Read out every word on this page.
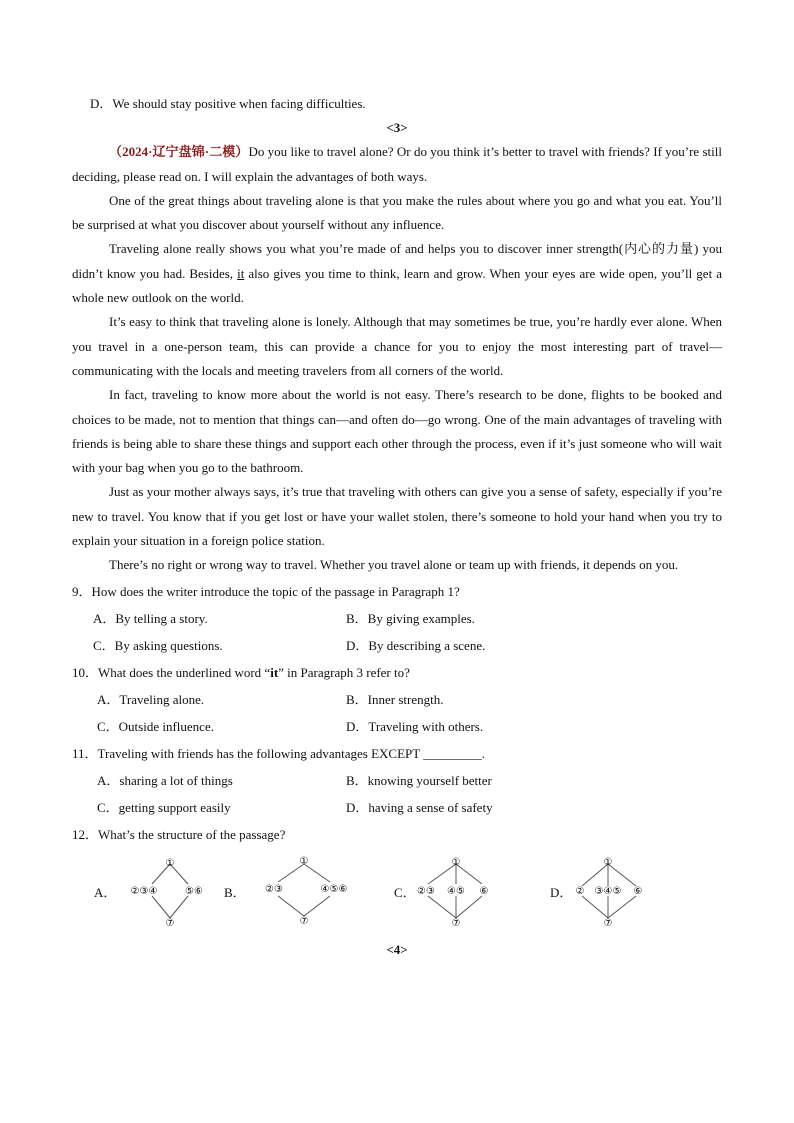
D．We should stay positive when facing difficulties.

<3>

（2024·辽宁盘锦·二模）Do you like to travel alone? Or do you think it’s better to travel with friends? If you’re still deciding, please read on. I will explain the advantages of both ways.

One of the great things about traveling alone is that you make the rules about where you go and what you eat. You’ll be surprised at what you discover about yourself without any influence.

Traveling alone really shows you what you’re made of and helps you to discover inner strength(内心的力量) you didn’t know you had. Besides, it also gives you time to think, learn and grow. When your eyes are wide open, you’ll get a whole new outlook on the world.

It’s easy to think that traveling alone is lonely. Although that may sometimes be true, you’re hardly ever alone. When you travel in a one-person team, this can provide a chance for you to enjoy the most interesting part of travel—communicating with the locals and meeting travelers from all corners of the world.

In fact, traveling to know more about the world is not easy. There’s research to be done, flights to be booked and choices to be made, not to mention that things can—and often do—go wrong. One of the main advantages of traveling with friends is being able to share these things and support each other through the process, even if it’s just someone who will wait with your bag when you go to the bathroom.

Just as your mother always says, it’s true that traveling with others can give you a sense of safety, especially if you’re new to travel. You know that if you get lost or have your wallet stolen, there’s someone to hold your hand when you try to explain your situation in a foreign police station.

There’s no right or wrong way to travel. Whether you travel alone or team up with friends, it depends on you.

9．How does the writer introduce the topic of the passage in Paragraph 1?

A．By telling a story.	B．By giving examples.
C．By asking questions.	D．By describing a scene.

10．What does the underlined word “it” in Paragraph 3 refer to?

A．Traveling alone.	B．Inner strength.
C．Outside influence.	D．Traveling with others.

11．Traveling with friends has the following advantages EXCEPT _________.

A．sharing a lot of things	B．knowing yourself better
C．getting support easily	D．having a sense of safety

12．What’s the structure of the passage?

A．
①
②③④	⑤⑥
⑦
B．
①
②③	④⑤⑥
⑦
C．
①
②③ ④⑤ ⑥
⑦
D．
①
② ③④⑤ ⑥
⑦
<4>
